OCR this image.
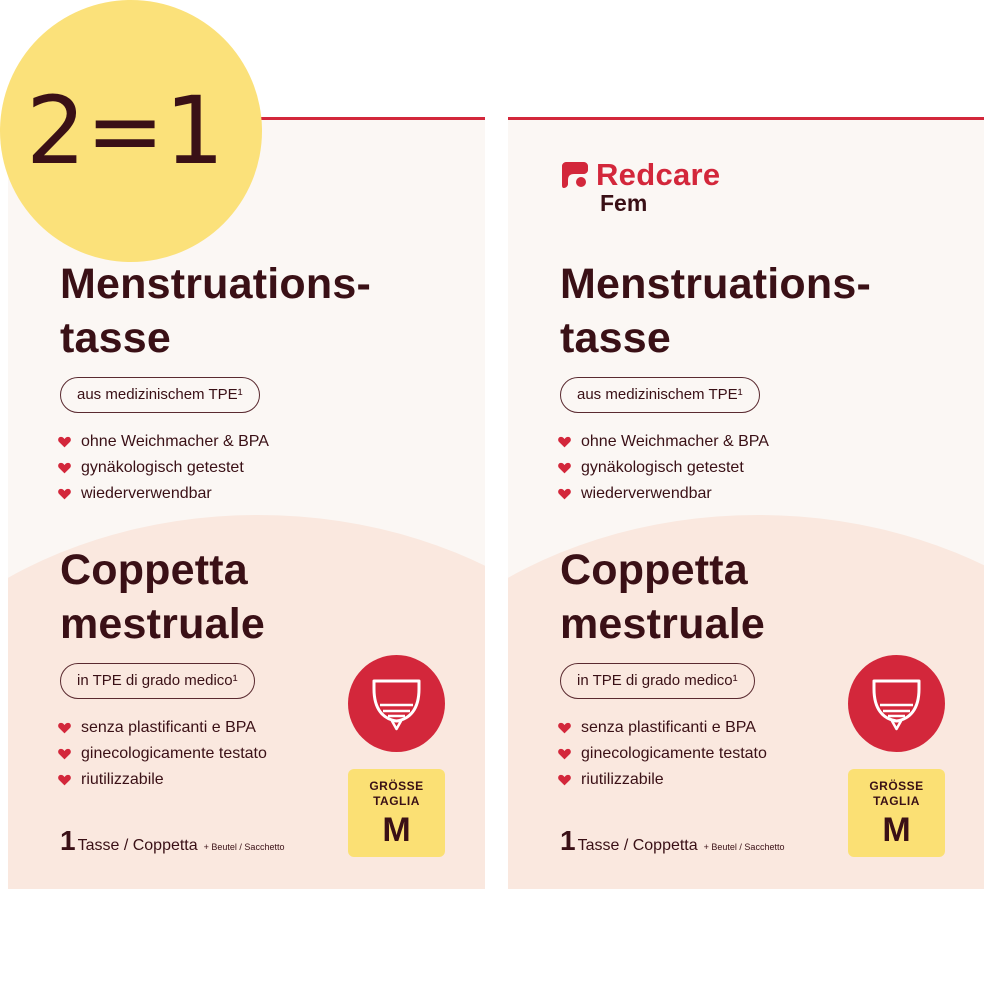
Menstruations-
tasse
aus medizinischem TPE¹
ohne Weichmacher & BPA
gynäkologisch getestet
wiederverwendbar
Coppetta
mestruale
in TPE di grado medico¹
senza plastificanti e BPA
ginecologicamente testato
riutilizzabile
1 Tasse / Coppetta + Beutel / Sacchetto
GRÖSSE
TAGLIA
M
Redcare
Fem
Menstruations-
tasse
aus medizinischem TPE¹
ohne Weichmacher & BPA
gynäkologisch getestet
wiederverwendbar
Coppetta
mestruale
in TPE di grado medico¹
senza plastificanti e BPA
ginecologicamente testato
riutilizzabile
1 Tasse / Coppetta + Beutel / Sacchetto
GRÖSSE
TAGLIA
M
2=1
